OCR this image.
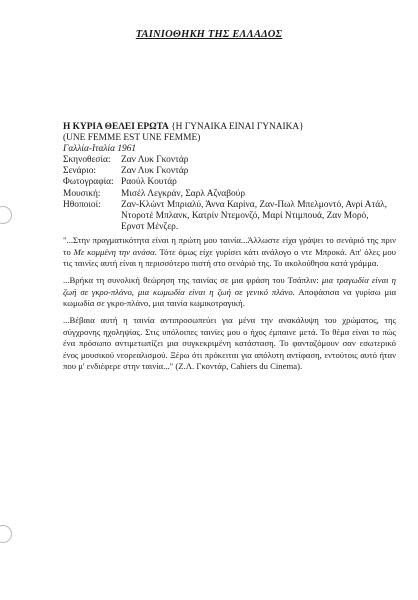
ΤΑΙΝΙΟΘΗΚΗ ΤΗΣ ΕΛΛΑΔΟΣ
Η ΚΥΡΙΑ ΘΕΛΕΙ ΕΡΩΤΑ {Η ΓΥΝΑΙΚΑ ΕΙΝΑΙ ΓΥΝΑΙΚΑ}
(UNE FEMME EST UNE FEMME)
Γαλλία-Ιταλία 1961
Σκηνοθεσία:	Ζαν Λυκ Γκοντάρ
Σενάριο:	Ζαν Λυκ Γκοντάρ
Φωτογραφία: Ραούλ Κουτάρ
Μουσική:	Μισέλ Λεγκράν, Σαρλ Αζναβούρ
Ηθοποιοί:	Ζαν-Κλώντ Μπριαλύ, Άννα Καρίνα, Ζαν-Πωλ Μπελμοντό, Ανρί Ατάλ, Ντορoτέ Μπλανκ, Κατρίν Ντεμονζό, Μαρί Ντιμπουά, Ζαν Μορό, Ερνστ Μένζερ.
"...Στην πραγματικότητα είναι η πρώτη μου ταινία...Άλλωστε είχα γράψει το σενάριό της πριν το Με κομμένη την ανάσα. Τότε όμως είχε γυρίσει κάτι ανάλογο ο ντε Μπροκά. Απ' όλες μου τις ταινίες αυτή είναι η περισσότερο πιστή στο σενάριό της. Το ακολούθησα κατά γράμμα.
...Βρήκα τη συνολική θεώρηση της ταινίας σε μια φράση του Τσάπλιν: μια τραγωδία είναι η ζωή σε γκρο-πλάνο, μια κωμωδία είναι η ζωή σε γενικό πλάνο. Αποφάσισα να γυρίσω μια κωμωδία σε γκρο-πλάνο, μια ταινία κωμικοτραγική.
...Βέβαια αυτή η ταινία αντιπροσωπεύει για μένα την ανακάλυψη του χρώματος, της σύγχρονης ηχοληψίας. Στις υπόλοιπες ταινίες μου ο ήχος έμπαινε μετά. Το θέμα είναι το πώς ένα πρόσωπο αντιμετωπίζει μια συγκεκριμένη κατάσταση. Το φανταζόμουν σαν εσωτερικό ένος μουσικού νεορεαλισμού. Ξέρω ότι πρόκειται για απόλυτη αντίφαση, εντούτοις αυτό ήταν που μ' ενδιέφερε στην ταινία..." (Ζ.Λ. Γκοντάρ, Cahiers du Cinema).
